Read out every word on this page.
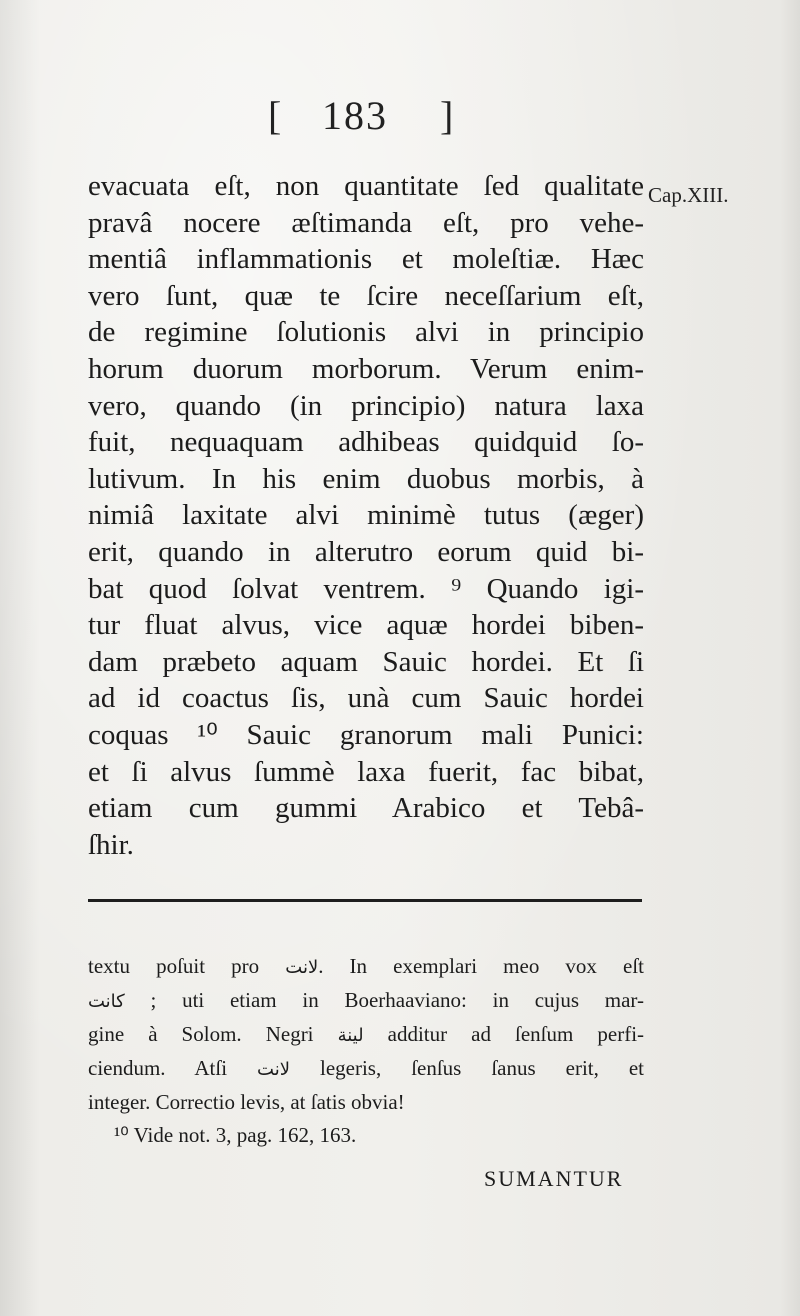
[ 183 ]
Cap.XIII.
evacuata eſt, non quantitate ſed qualitate
pravâ nocere æſtimanda eſt, pro vehe-
mentiâ inflammationis et moleſtiæ. Hæc
vero ſunt, quæ te ſcire neceſſarium eſt,
de regimine ſolutionis alvi in principio
horum duorum morborum. Verum enim-
vero, quando (in principio) natura laxa
fuit, nequaquam adhibeas quidquid ſo-
lutivum. In his enim duobus morbis, à
nimiâ laxitate alvi minimè tutus (æger)
erit, quando in alterutro eorum quid bi-
bat quod ſolvat ventrem. ⁹ Quando igi-
tur fluat alvus, vice aquæ hordei biben-
dam præbeto aquam Sauic hordei. Et ſi
ad id coactus ſis, unà cum Sauic hordei
coquas ¹⁰ Sauic granorum mali Punici:
et ſi alvus ſummè laxa fuerit, fac bibat,
etiam cum gummi Arabico et Tebâ-
ſhir.
textu poſuit pro لانت. In exemplari meo vox eſt
كانت ; uti etiam in Boerhaaviano: in cujus mar-
gine à Solom. Negri لينة additur ad ſenſum perfi-
ciendum. Atſi لانت legeris, ſenſus ſanus erit, et
integer. Correctio levis, at ſatis obvia!
¹⁰ Vide not. 3, pag. 162, 163.
SUMANTUR
